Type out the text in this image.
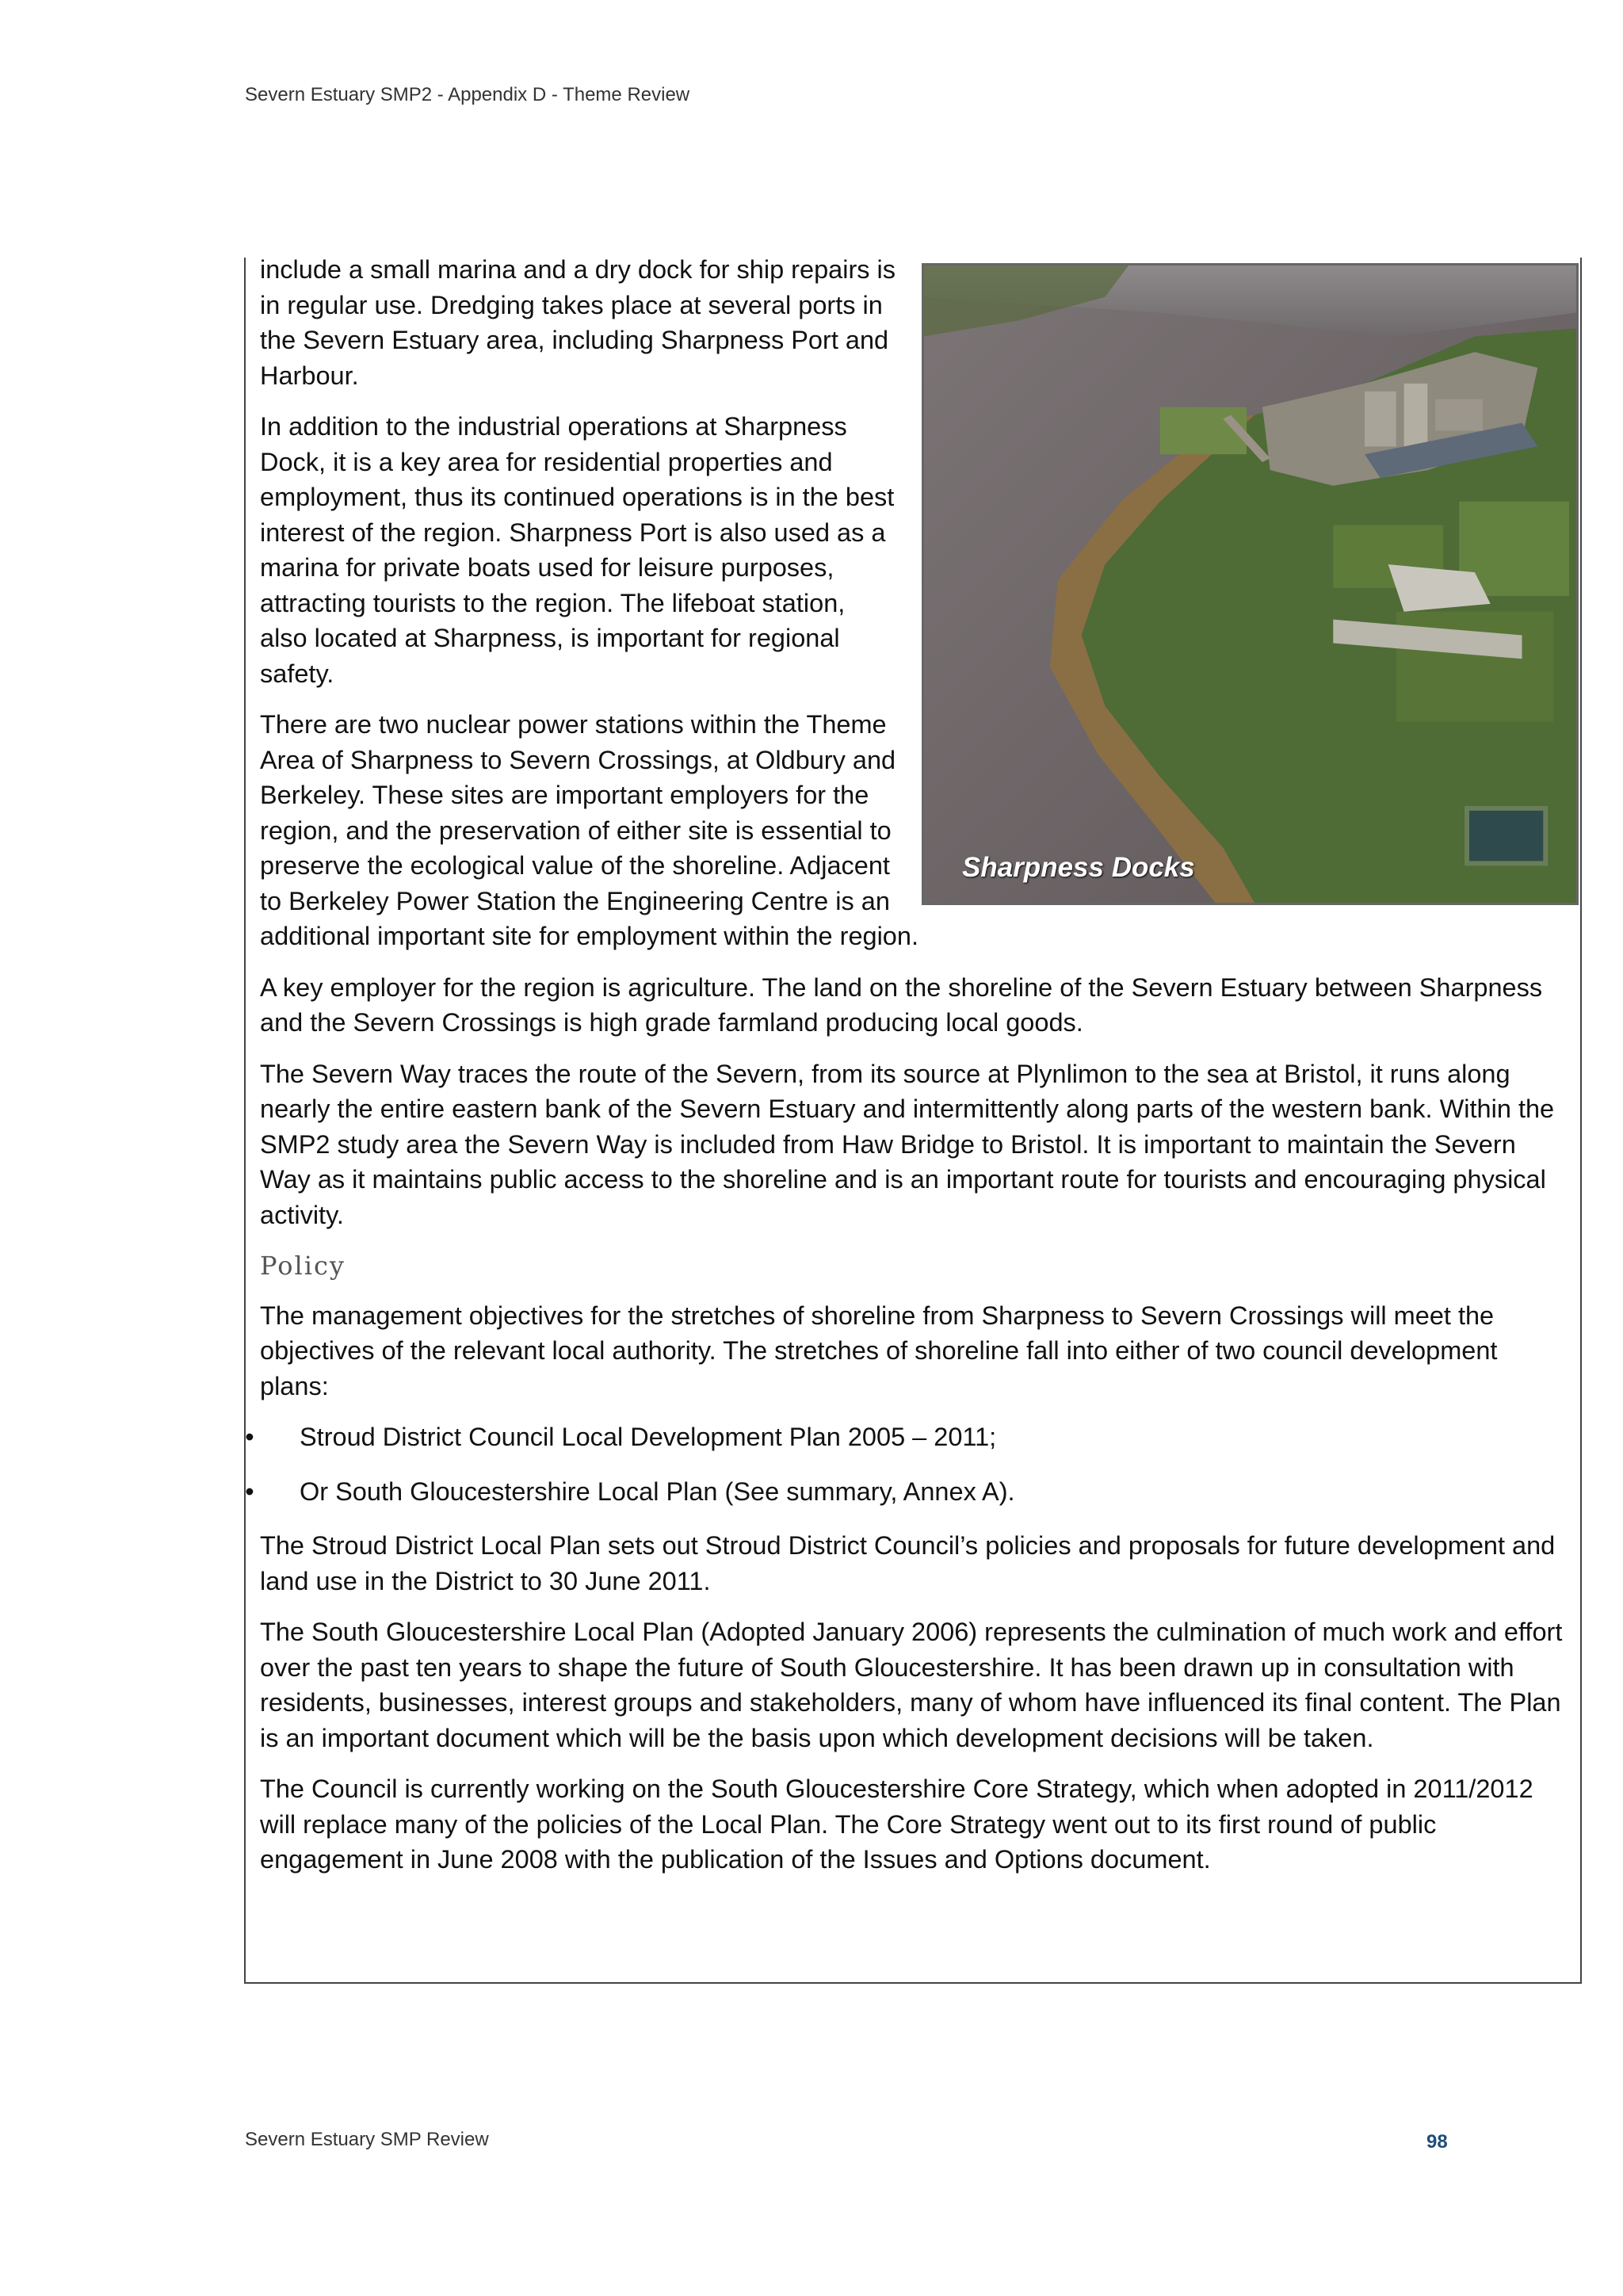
Severn Estuary SMP2 - Appendix D - Theme Review
Sharpness Docks

include a small marina and a dry dock for ship repairs is in regular use. Dredging takes place at several ports in the Severn Estuary area, including Sharpness Port and Harbour.

In addition to the industrial operations at Sharpness Dock, it is a key area for residential properties and employment, thus its continued operations is in the best interest of the region. Sharpness Port is also used as a marina for private boats used for leisure purposes, attracting tourists to the region. The lifeboat station, also located at Sharpness, is important for regional safety.

There are two nuclear power stations within the Theme Area of Sharpness to Severn Crossings, at Oldbury and Berkeley. These sites are important employers for the region, and the preservation of either site is essential to preserve the ecological value of the shoreline. Adjacent to Berkeley Power Station the Engineering Centre is an additional important site for employment within the region.

A key employer for the region is agriculture. The land on the shoreline of the Severn Estuary between Sharpness and the Severn Crossings is high grade farmland producing local goods.

The Severn Way traces the route of the Severn, from its source at Plynlimon to the sea at Bristol, it runs along nearly the entire eastern bank of the Severn Estuary and intermittently along parts of the western bank. Within the SMP2 study area the Severn Way is included from Haw Bridge to Bristol. It is important to maintain the Severn Way as it maintains public access to the shoreline and is an important route for tourists and encouraging physical activity.

Policy

The management objectives for the stretches of shoreline from Sharpness to Severn Crossings will meet the objectives of the relevant local authority. The stretches of shoreline fall into either of two council development plans:

• Stroud District Council Local Development Plan 2005 – 2011;
• Or South Gloucestershire Local Plan (See summary, Annex A).

The Stroud District Local Plan sets out Stroud District Council’s policies and proposals for future development and land use in the District to 30 June 2011.

The South Gloucestershire Local Plan (Adopted January 2006) represents the culmination of much work and effort over the past ten years to shape the future of South Gloucestershire. It has been drawn up in consultation with residents, businesses, interest groups and stakeholders, many of whom have influenced its final content. The Plan is an important document which will be the basis upon which development decisions will be taken.

The Council is currently working on the South Gloucestershire Core Strategy, which when adopted in 2011/2012 will replace many of the policies of the Local Plan. The Core Strategy went out to its first round of public engagement in June 2008 with the publication of the Issues and Options document.

Severn Estuary SMP Review	98
